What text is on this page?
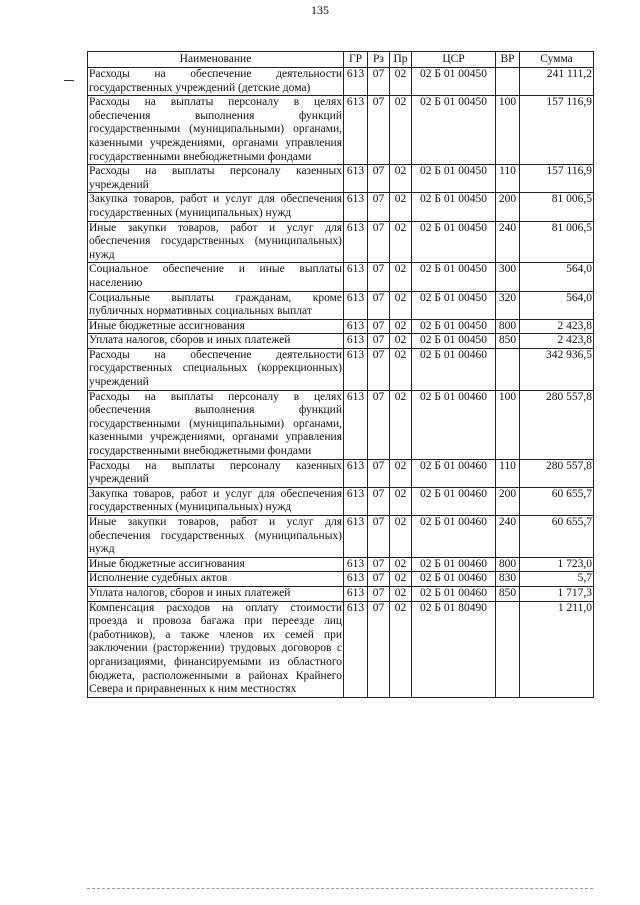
135
Наименование	ГР	Рз	Пр	ЦСР	ВР	Сумма
Расходы на обеспечение деятельности государственных учреждений (детские дома)	613	07	02	02 Б 01 00450		241 111,2
Расходы на выплаты персоналу в целях обеспечения выполнения функций государственными (муниципальными) органами, казенными учреждениями, органами управления государственными внебюджетными фондами	613	07	02	02 Б 01 00450	100	157 116,9
Расходы на выплаты персоналу казенных учреждений	613	07	02	02 Б 01 00450	110	157 116,9
Закупка товаров, работ и услуг для обеспечения государственных (муниципальных) нужд	613	07	02	02 Б 01 00450	200	81 006,5
Иные закупки товаров, работ и услуг для обеспечения государственных (муниципальных) нужд	613	07	02	02 Б 01 00450	240	81 006,5
Социальное обеспечение и иные выплаты населению	613	07	02	02 Б 01 00450	300	564,0
Социальные выплаты гражданам, кроме публичных нормативных социальных выплат	613	07	02	02 Б 01 00450	320	564,0
Иные бюджетные ассигнования	613	07	02	02 Б 01 00450	800	2 423,8
Уплата налогов, сборов и иных платежей	613	07	02	02 Б 01 00450	850	2 423,8
Расходы на обеспечение деятельности государственных специальных (коррекционных) учреждений	613	07	02	02 Б 01 00460		342 936,5
Расходы на выплаты персоналу в целях обеспечения выполнения функций государственными (муниципальными) органами, казенными учреждениями, органами управления государственными внебюджетными фондами	613	07	02	02 Б 01 00460	100	280 557,8
Расходы на выплаты персоналу казенных учреждений	613	07	02	02 Б 01 00460	110	280 557,8
Закупка товаров, работ и услуг для обеспечения государственных (муниципальных) нужд	613	07	02	02 Б 01 00460	200	60 655,7
Иные закупки товаров, работ и услуг для обеспечения государственных (муниципальных) нужд	613	07	02	02 Б 01 00460	240	60 655,7
Иные бюджетные ассигнования	613	07	02	02 Б 01 00460	800	1 723,0
Исполнение судебных актов	613	07	02	02 Б 01 00460	830	5,7
Уплата налогов, сборов и иных платежей	613	07	02	02 Б 01 00460	850	1 717,3
Компенсация расходов на оплату стоимости проезда и провоза багажа при переезде лиц (работников), а также членов их семей при заключении (расторжении) трудовых договоров с организациями, финансируемыми из областного бюджета, расположенными в районах Крайнего Севера и приравненных к ним местностях	613	07	02	02 Б 01 80490		1 211,0
